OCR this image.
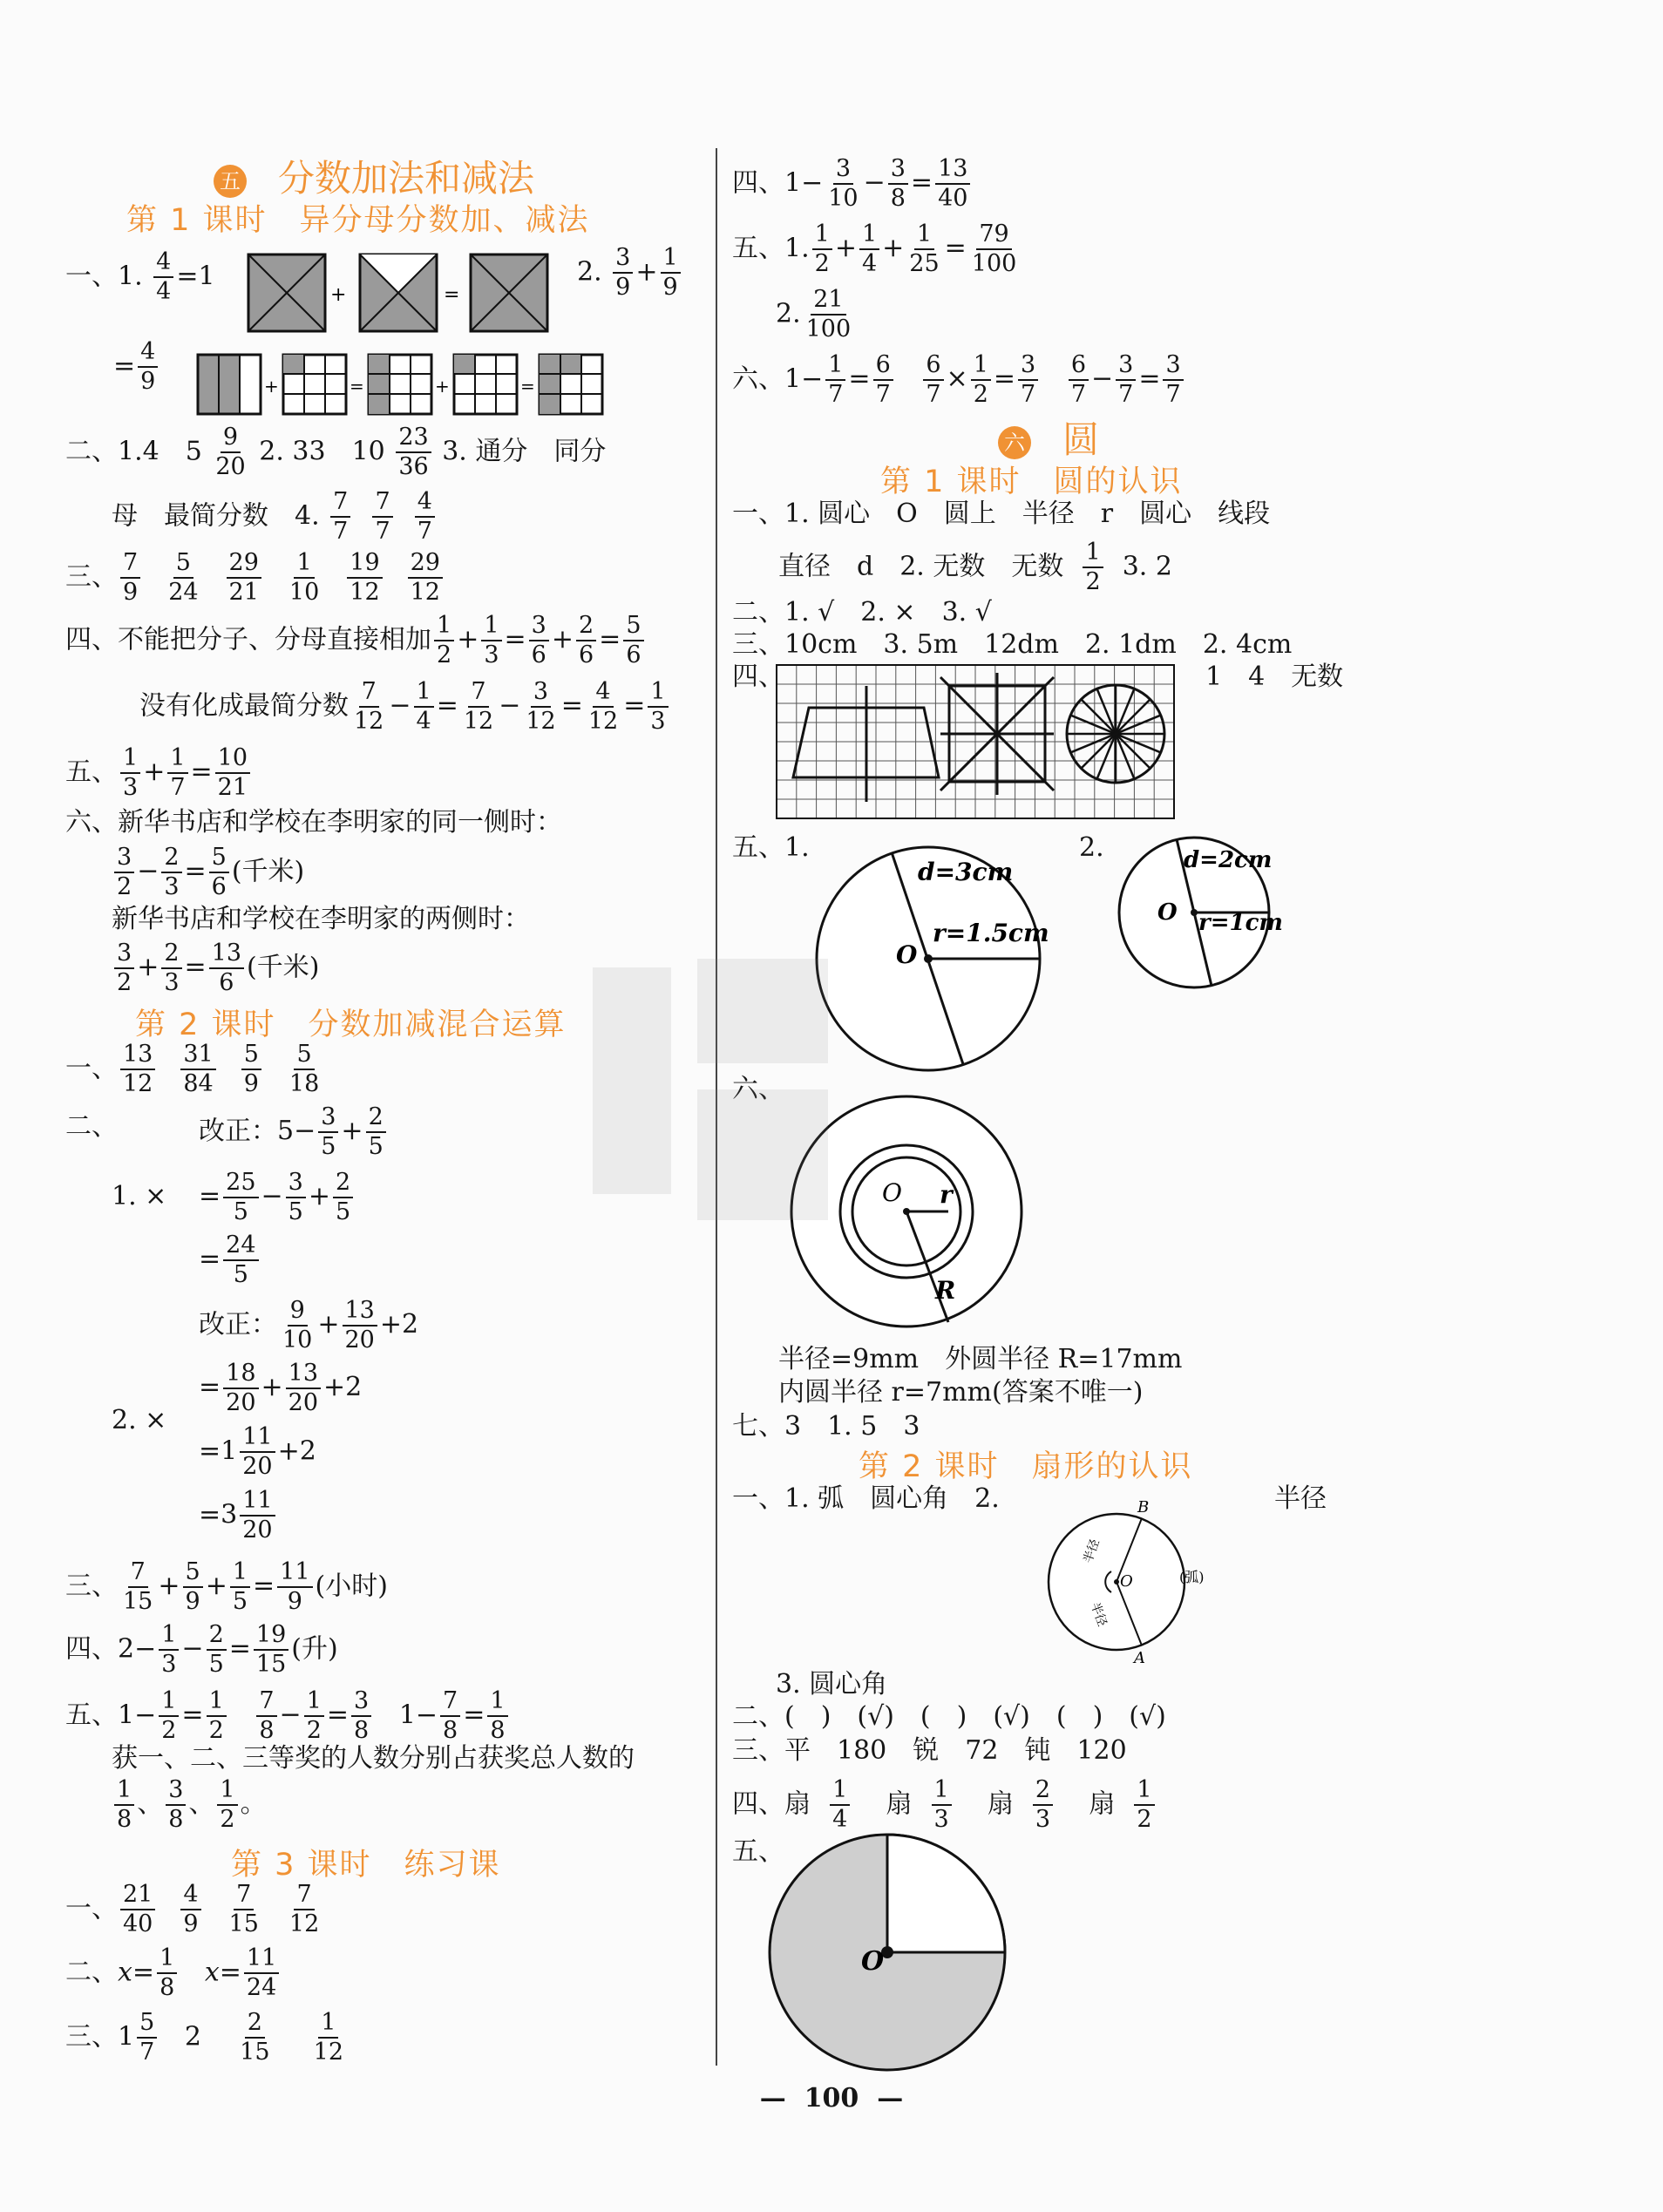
五 分数加法和减法
第 1 课时　异分母分数加、减法
一、1. $\frac{4}{4} =1$
+	=
2. $\frac{3}{9} + \frac{1}{9}$
= $\frac{4}{9}$	+	=	+	=
二、1.4　$5 \frac{9}{20} 2$. 33　$10 \frac{23}{36} 3$. 通分　同分
母　最简分数　4. $\frac{7}{7}$
$\frac{7}{7}$
$\frac{4}{7}$
三、 $\frac{7}{9} \frac{5}{24} \frac{29}{21} \frac{1}{10} \frac{19}{12} \frac{29}{12}$
四、不能把分子、分母直接相加 $\frac{1}{2} + \frac{1}{3} = \frac{3}{6} + \frac{2}{6} = \frac{5}{6}$
没有化成最简分数 $\frac{7}{12} - \frac{1}{4} = \frac{7}{12} - \frac{3}{12} = \frac{4}{12} = \frac{1}{3}$
五、 $\frac{1}{3} + \frac{1}{7} = \frac{10}{21}$
六、新华书店和学校在李明家的同一侧时：
$\frac{3}{2} - \frac{2}{3} = \frac{5}{6}$ (千米)
新华书店和学校在李明家的两侧时：
$\frac{3}{2} + \frac{2}{3} = \frac{13}{6}$ (千米)
第 2 课时　分数加减混合运算
一、 $\frac{13}{12} \frac{31}{84} \frac{5}{9} \frac{5}{18}$
二、	改正：$5- \frac{3}{5} + \frac{2}{5}$
1. × = $\frac{25}{5} - \frac{3}{5} + \frac{2}{5}$
= $\frac{24}{5}$
改正： $\frac{9}{10} + \frac{13}{20} +2$
= $\frac{18}{20} + \frac{13}{20} +2$
2. ×
$=1 \frac{11}{20} +2$
$=3 \frac{11}{20}$
三、 $\frac{7}{15} + \frac{5}{9} + \frac{1}{5} = \frac{11}{9}$ (小时)
四、$2- \frac{1}{3} - \frac{2}{5} = \frac{19}{15}$ (升)
五、$1- \frac{1}{2} = \frac{1}{2}$
$\frac{7}{8} - \frac{1}{2} = \frac{3}{8} 1- \frac{7}{8} = \frac{1}{8}$
获一、二、三等奖的人数分别占获奖总人数的
$\frac{1}{8}$ 、 $\frac{3}{8}$ 、 $\frac{1}{2}$ 。
第 3 课时　练习课
一、 $\frac{21}{40} \frac{4}{9} \frac{7}{15} \frac{7}{12}$
二、$x= \frac{1}{8} x= \frac{11}{24}$
三、$1 \frac{5}{7} 2 \frac{2}{15}$
$\frac{1}{12}$
四、$1- \frac{3}{10} - \frac{3}{8} = \frac{13}{40}$
五、1. $\frac{1}{2} + \frac{1}{4} + \frac{1}{25} = \frac{79}{100}$
2. $\frac{21}{100}$
六、$1- \frac{1}{7} = \frac{6}{7}$
$\frac{6}{7} \times \frac{1}{2} = \frac{3}{7}$
$\frac{6}{7} - \frac{3}{7} = \frac{3}{7}$
六 圆
第 1 课时　圆的认识
一、1. 圆心　O　圆上　半径　r　圆心　线段
直径　d　2. 无数　无数 $\frac{1}{2} 3$. 2
二、1. √　2. ×　3. √
三、10cm　3. 5m　12dm　2. 1dm　2. 4cm
四、	1　4　无数
五、1.	2.
d=3cm
r=1.5cm
O
d=2cm
r=1cm
O
六、
O r
R
半径=9mm　外圆半径 R=17mm
内圆半径 r=7mm(答案不唯一)
七、3　1. 5　3
第 2 课时　扇形的认识
一、1. 弧　圆心角　2.	半径
B
A
O
半径
半径
(弧)
3. 圆心角
二、(　)　(√)　(　)　(√)　(　)　(√)
三、平　180　锐　72　钝　120
四、扇 $\frac{1}{4}$ 扇 $\frac{1}{3}$ 扇 $\frac{2}{3}$ 扇 $\frac{1}{2}$
五、
O
—  100  —
